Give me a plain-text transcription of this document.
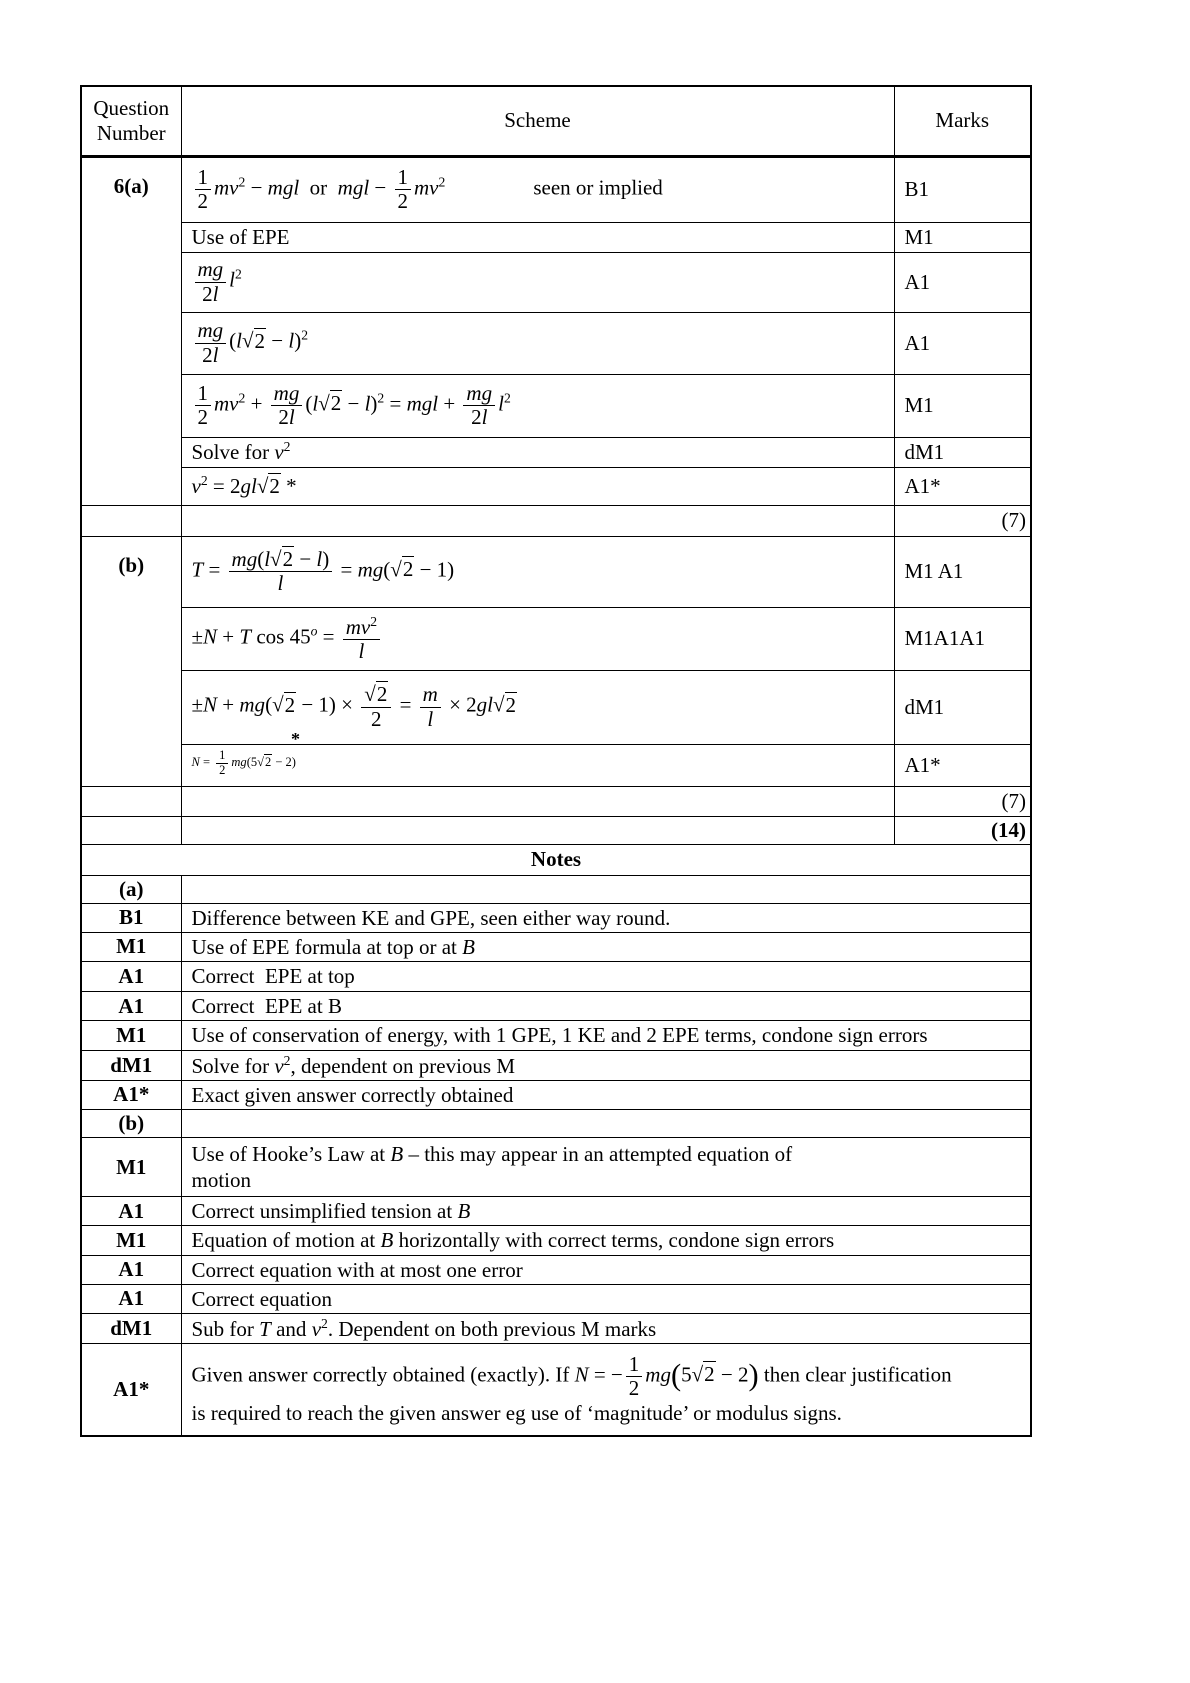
Question Number	Scheme	Marks
6(a)	$\frac{1}{2} mv^2$ − mgl  or  mgl − $\frac{1}{2} mv^2$	seen or implied	B1
	Use of EPE	M1

	$\frac{mg}{2l} l^2$	A1

	$\frac{mg}{2l} (l√2 - l)^2$	A1

$\frac{1}{2} mv^2 + \frac{mg}{2l} (l√2 - l)^2$ = mgl + $\frac{mg}{2l} l^2$	M1
	Solve for $v^2$	dM1
	$v^2 = 2gl√2$ *	A1*
		(7)
(b)	$T = \frac{mg(l√2 - l)}{l} = mg(√2 - 1)$	M1 A1
	±N + T $\cos 45^o = \frac{mv^2}{l}$	M1A1A1
$\pm N + mg(√2 - 1) \times \frac{√2}{2} = \frac{m}{l} \times 2gl√2$	dM1

	*
$N = \frac{1}{2} mg(5√2 - 2)$	A1*
		(7)
		(14)
Notes		
(a)		
B1	Difference between KE and GPE, seen either way round.	
M1	Use of EPE formula at top or at B	
A1	Correct  EPE at top	
A1	Correct  EPE at B	
M1	Use of conservation of energy, with 1 GPE, 1 KE and 2 EPE terms, condone sign errors	
dM1	Solve for $v^2$, dependent on previous M	
A1*	Exact given answer correctly obtained	
(b)		
M1	Use of Hooke’s Law at B – this may appear in an attempted equation of
motion	
A1	Correct unsimplified tension at B	
M1	Equation of motion at B horizontally with correct terms, condone sign errors	
A1	Correct equation with at most one error	
A1	Correct equation	
dM1	Sub for T and $v^2$. Dependent on both previous M marks	
A1*	Given answer correctly obtained (exactly). If N = − $\frac{1}{2} mg(5√2 - 2)$ then clear justification
is required to reach the given answer eg use of ‘magnitude’ or modulus signs.	
